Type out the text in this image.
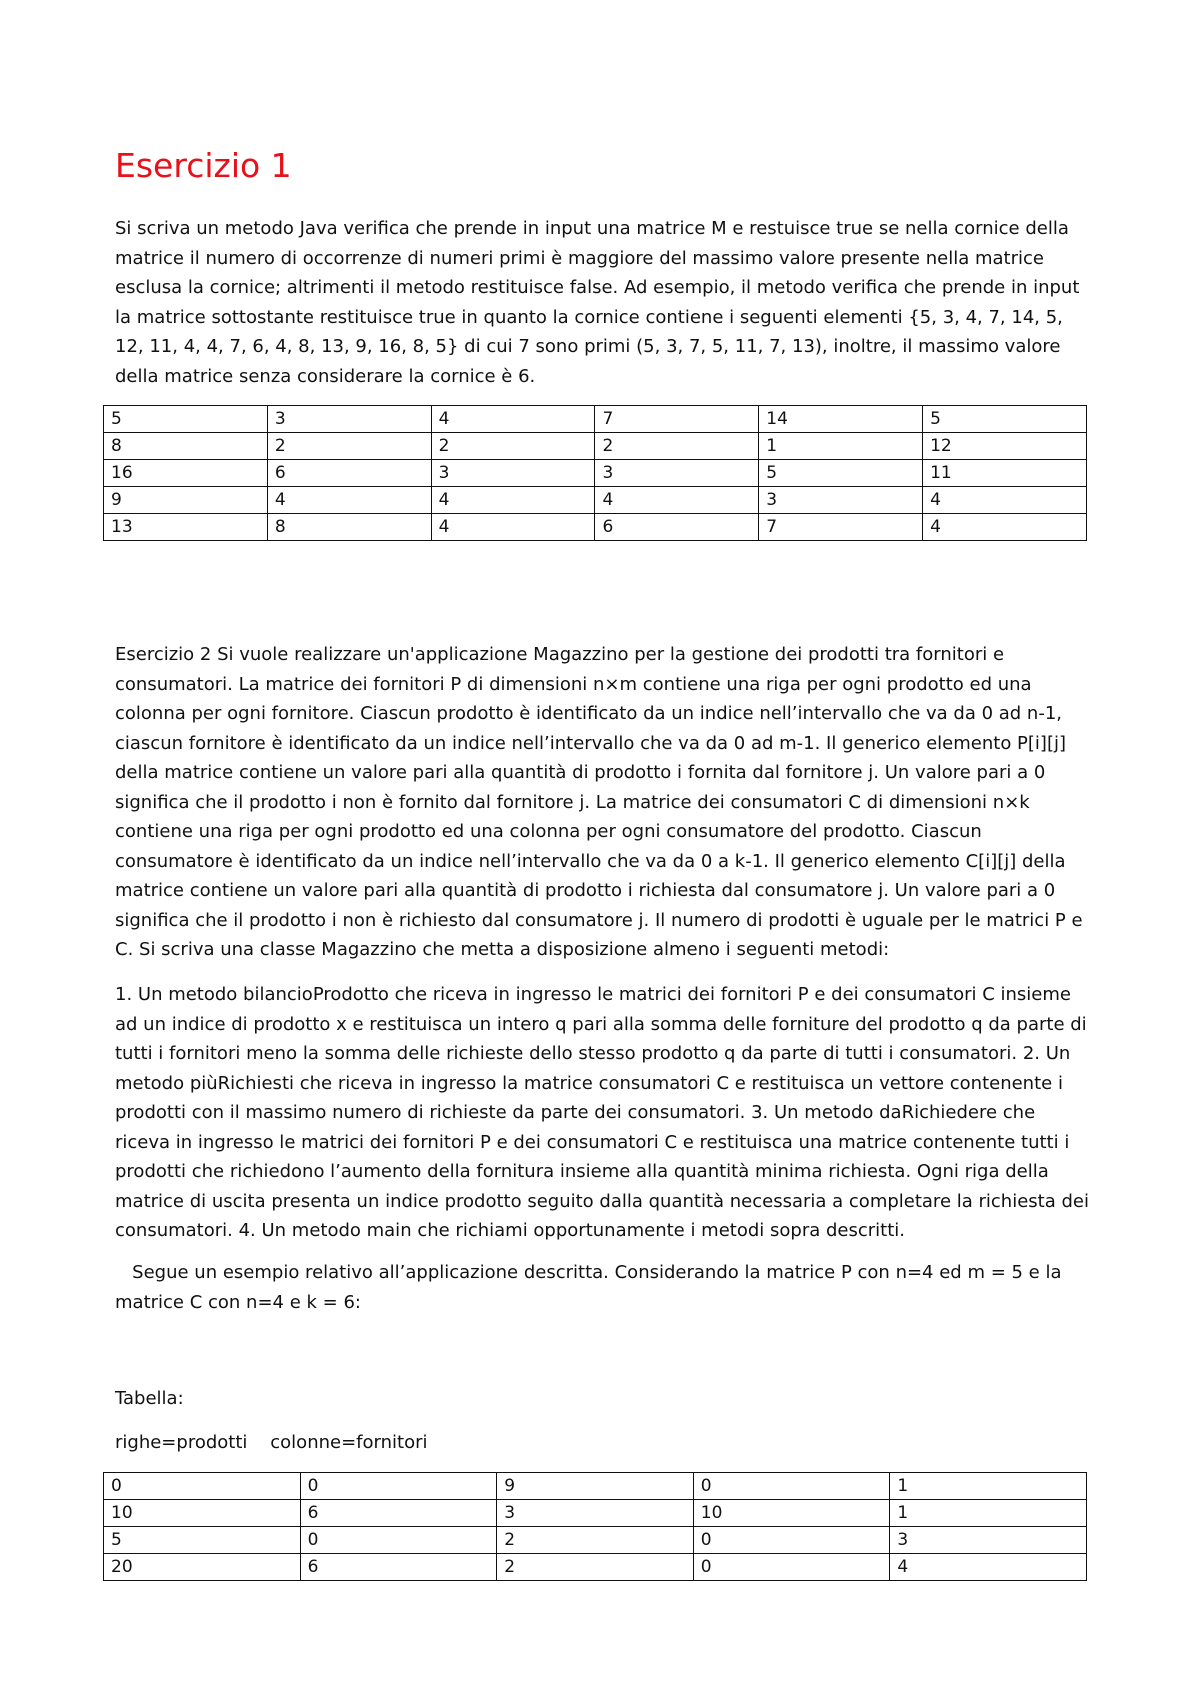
Esercizio 1

Si scriva un metodo Java verifica che prende in input una matrice M e restuisce true se nella cornice della matrice il numero di occorrenze di numeri primi è maggiore del massimo valore presente nella matrice esclusa la cornice; altrimenti il metodo restituisce false. Ad esempio, il metodo verifica che prende in input la matrice sottostante restituisce true in quanto la cornice contiene i seguenti elementi {5, 3, 4, 7, 14, 5, 12, 11, 4, 4, 7, 6, 4, 8, 13, 9, 16, 8, 5} di cui 7 sono primi (5, 3, 7, 5, 11, 7, 13), inoltre, il massimo valore della matrice senza considerare la cornice è 6.

5	3	4	7	14	5
8	2	2	2	1	12
16	6	3	3	5	11
9	4	4	4	3	4
13	8	4	6	7	4

Esercizio 2 Si vuole realizzare un'applicazione Magazzino per la gestione dei prodotti tra fornitori e consumatori. La matrice dei fornitori P di dimensioni n×m contiene una riga per ogni prodotto ed una colonna per ogni fornitore. Ciascun prodotto è identificato da un indice nell’intervallo che va da 0 ad n-1, ciascun fornitore è identificato da un indice nell’intervallo che va da 0 ad m-1. Il generico elemento P[i][j] della matrice contiene un valore pari alla quantità di prodotto i fornita dal fornitore j. Un valore pari a 0 significa che il prodotto i non è fornito dal fornitore j. La matrice dei consumatori C di dimensioni n×k contiene una riga per ogni prodotto ed una colonna per ogni consumatore del prodotto. Ciascun consumatore è identificato da un indice nell’intervallo che va da 0 a k-1. Il generico elemento C[i][j] della matrice contiene un valore pari alla quantità di prodotto i richiesta dal consumatore j. Un valore pari a 0 significa che il prodotto i non è richiesto dal consumatore j. Il numero di prodotti è uguale per le matrici P e C. Si scriva una classe Magazzino che metta a disposizione almeno i seguenti metodi:

1. Un metodo bilancioProdotto che riceva in ingresso le matrici dei fornitori P e dei consumatori C insieme ad un indice di prodotto x e restituisca un intero q pari alla somma delle forniture del prodotto q da parte di tutti i fornitori meno la somma delle richieste dello stesso prodotto q da parte di tutti i consumatori. 2. Un metodo piùRichiesti che riceva in ingresso la matrice consumatori C e restituisca un vettore contenente i prodotti con il massimo numero di richieste da parte dei consumatori. 3. Un metodo daRichiedere che riceva in ingresso le matrici dei fornitori P e dei consumatori C e restituisca una matrice contenente tutti i prodotti che richiedono l’aumento della fornitura insieme alla quantità minima richiesta. Ogni riga della matrice di uscita presenta un indice prodotto seguito dalla quantità necessaria a completare la richiesta dei consumatori. 4. Un metodo main che richiami opportunamente i metodi sopra descritti.

Segue un esempio relativo all’applicazione descritta. Considerando la matrice P con n=4 ed m = 5 e la matrice C con n=4 e k = 6:

Tabella:

righe=prodotti    colonne=fornitori

0	0	9	0	1
10	6	3	10	1
5	0	2	0	3
20	6	2	0	4
